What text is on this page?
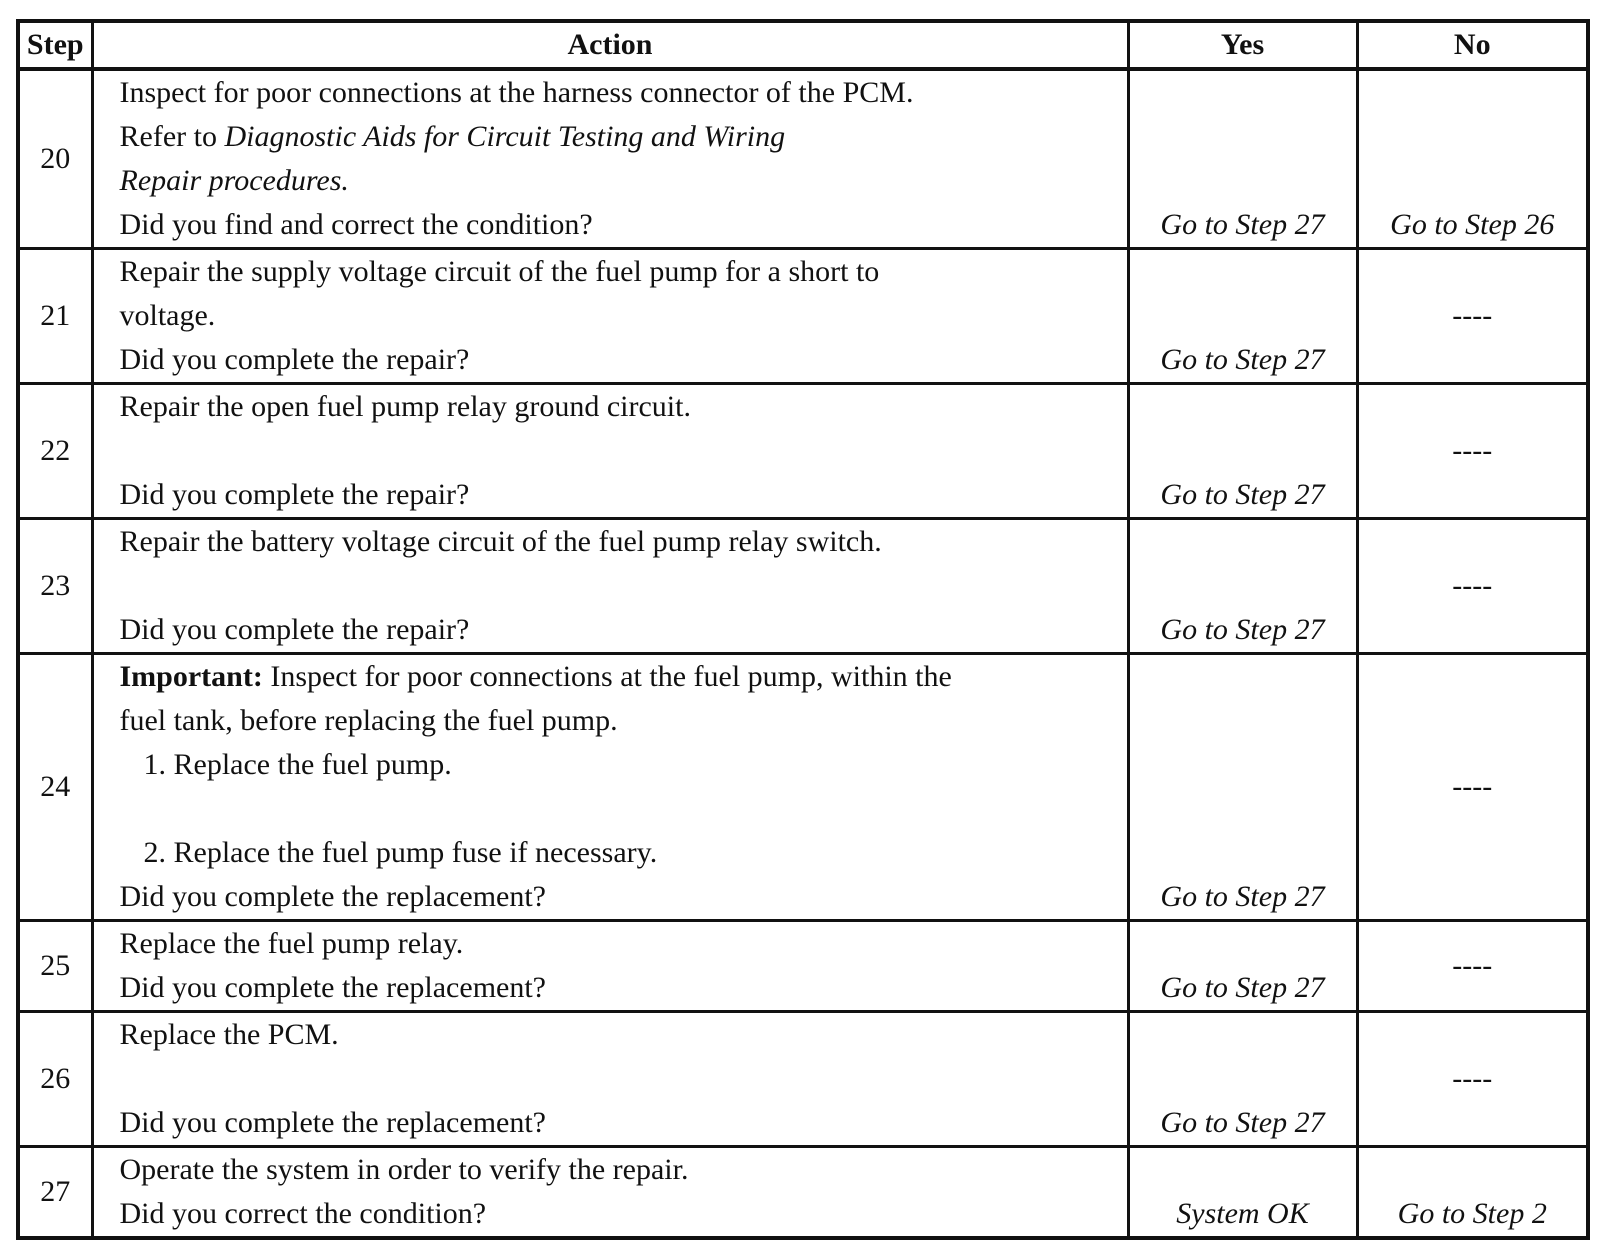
Step	Action	Yes	No
20	Inspect for poor connections at the harness connector of the PCM.
Refer to Diagnostic Aids for Circuit Testing and Wiring
Repair procedures.
Did you find and correct the condition?	Go to Step 27	Go to Step 26

21	Repair the supply voltage circuit of the fuel pump for a short to
voltage.
Did you complete the repair?	Go to Step 27	----

22	Repair the open fuel pump relay ground circuit.
Did you complete the repair?	Go to Step 27	----

23	Repair the battery voltage circuit of the fuel pump relay switch.
Did you complete the repair?	Go to Step 27	----

24	Important: Inspect for poor connections at the fuel pump, within the
fuel tank, before replacing the fuel pump.
1. Replace the fuel pump.
2. Replace the fuel pump fuse if necessary.
Did you complete the replacement?	Go to Step 27	----

25	Replace the fuel pump relay.
Did you complete the replacement?	Go to Step 27	----

26	Replace the PCM.
Did you complete the replacement?	Go to Step 27	----

27	Operate the system in order to verify the repair.
Did you correct the condition?	System OK	Go to Step 2
